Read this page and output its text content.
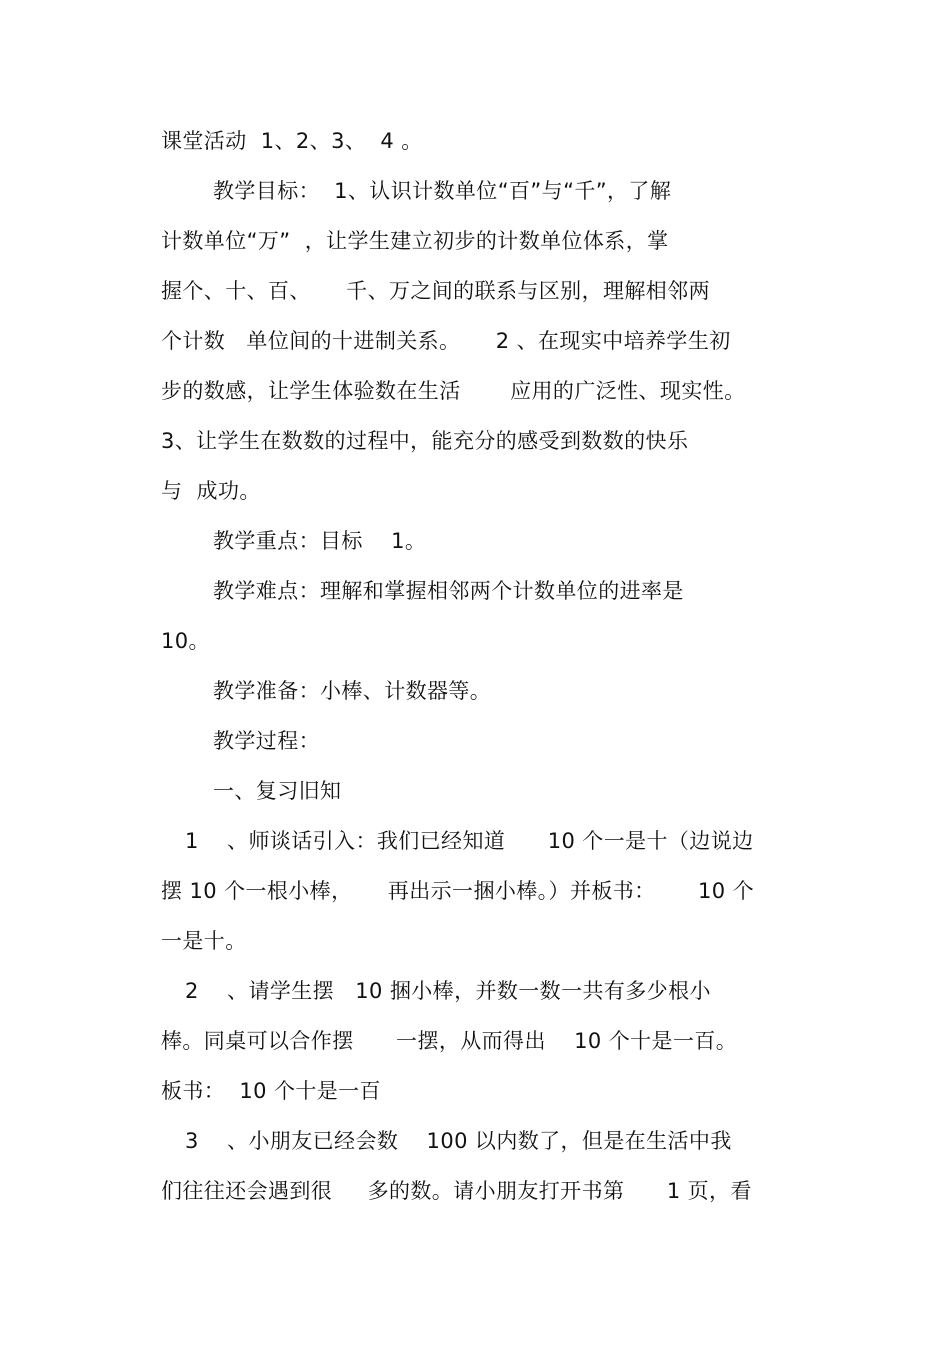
课堂活动  1、2、3、  4 。
教学目标：  1、认识计数单位“百”与“千”，了解
计数单位“万”  ，让学生建立初步的计数单位体系，掌
握个、十、百、     千、万之间的联系与区别，理解相邻两
个计数   单位间的十进制关系。     2 、在现实中培养学生初
步的数感，让学生体验数在生活       应用的广泛性、现实性。
3、让学生在数数的过程中，能充分的感受到数数的快乐
与  成功。
教学重点：目标    1。
教学难点：理解和掌握相邻两个计数单位的进率是
10。
教学准备：小棒、计数器等。
教学过程：
一、复习旧知
1    、师谈话引入：我们已经知道      10 个一是十（边说边
摆 10 个一根小棒，     再出示一捆小棒。）并板书：      10 个
一是十。
2    、请学生摆   10 捆小棒，并数一数一共有多少根小
棒。同桌可以合作摆      一摆，从而得出    10 个十是一百。
板书：  10 个十是一百
3    、小朋友已经会数    100 以内数了，但是在生活中我
们往往还会遇到很     多的数。请小朋友打开书第      1 页，看
